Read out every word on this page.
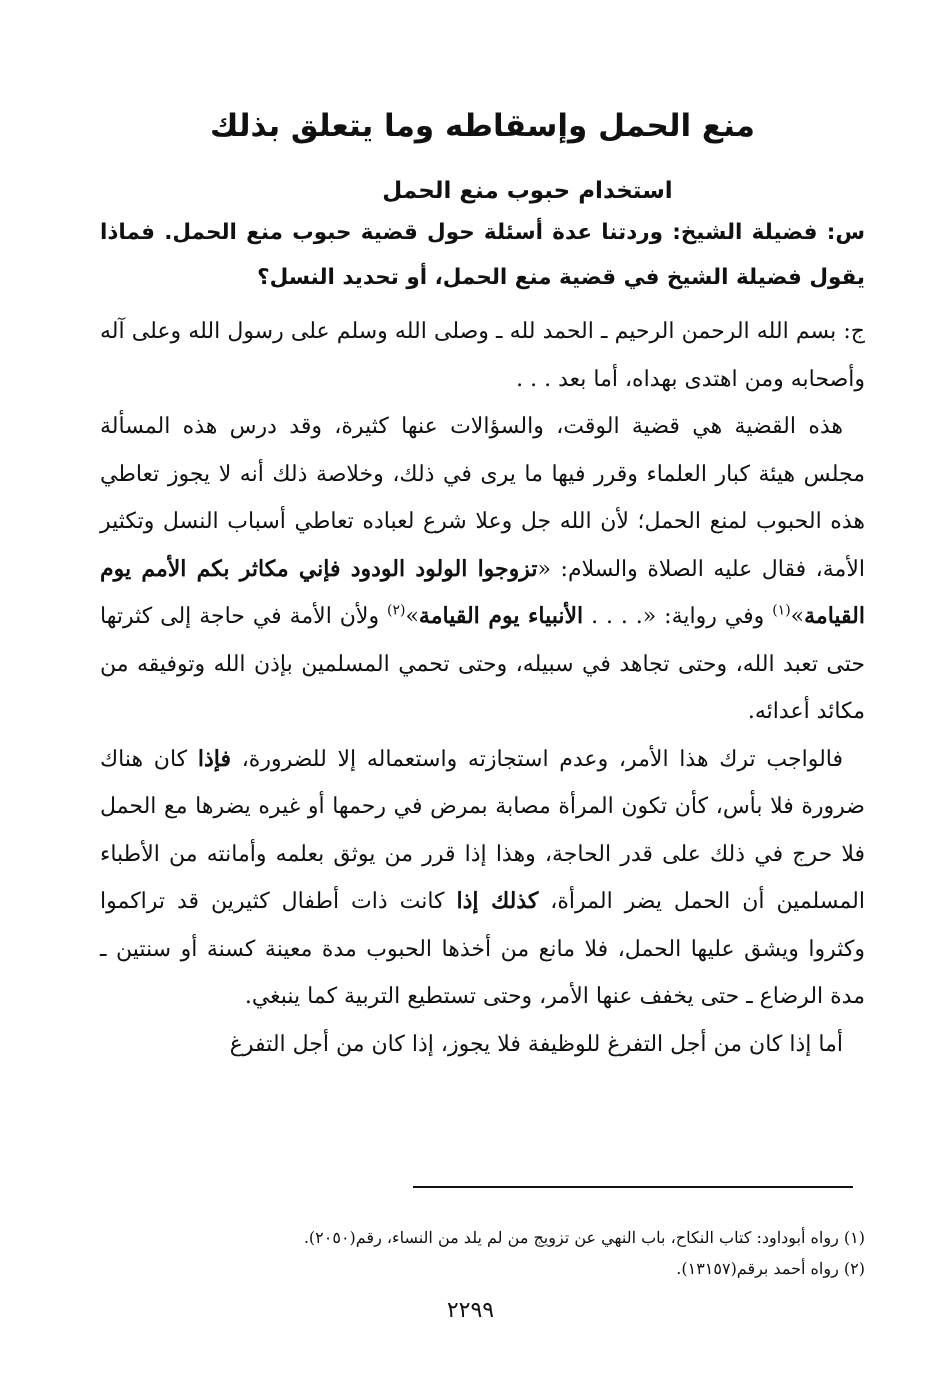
منع الحمل وإسقاطه وما يتعلق بذلك
استخدام حبوب منع الحمل

س: فضيلة الشيخ: وردتنا عدة أسئلة حول قضية حبوب منع الحمل. فماذا يقول فضيلة الشيخ في قضية منع الحمل، أو تحديد النسل؟

ج: بسم الله الرحمن الرحيم ـ الحمد لله ـ وصلى الله وسلم على رسول الله وعلى آله وأصحابه ومن اهتدى بهداه، أما بعد . . .

هذه القضية هي قضية الوقت، والسؤالات عنها كثيرة، وقد درس هذه المسألة مجلس هيئة كبار العلماء وقرر فيها ما يرى في ذلك، وخلاصة ذلك أنه لا يجوز تعاطي هذه الحبوب لمنع الحمل؛ لأن الله جل وعلا شرع لعباده تعاطي أسباب النسل وتكثير الأمة، فقال عليه الصلاة والسلام: «تزوجوا الولود الودود فإني مكاثر بكم الأمم يوم القيامة»$^{(١)}$ وفي رواية: «. . . . الأنبياء يوم القيامة»$^{(٢)}$ ولأن الأمة في حاجة إلى كثرتها حتى تعبد الله، وحتى تجاهد في سبيله، وحتى تحمي المسلمين بإذن الله وتوفيقه من مكائد أعدائه.

فالواجب ترك هذا الأمر، وعدم استجازته واستعماله إلا للضرورة، فإذا كان هناك ضرورة فلا بأس، كأن تكون المرأة مصابة بمرض في رحمها أو غيره يضرها مع الحمل فلا حرج في ذلك على قدر الحاجة، وهذا إذا قرر من يوثق بعلمه وأمانته من الأطباء المسلمين أن الحمل يضر المرأة، كذلك إذا كانت ذات أطفال كثيرين قد تراكموا وكثروا ويشق عليها الحمل، فلا مانع من أخذها الحبوب مدة معينة كسنة أو سنتين ـ مدة الرضاع ـ حتى يخفف عنها الأمر، وحتى تستطيع التربية كما ينبغي.

أما إذا كان من أجل التفرغ للوظيفة فلا يجوز، إذا كان من أجل التفرغ

(١) رواه أبوداود: كتاب النكاح، باب النهي عن تزويج من لم يلد من النساء، رقم(٢٠٥٠).

(٢) رواه أحمد برقم(١٣١٥٧).

٢٢٩٩
